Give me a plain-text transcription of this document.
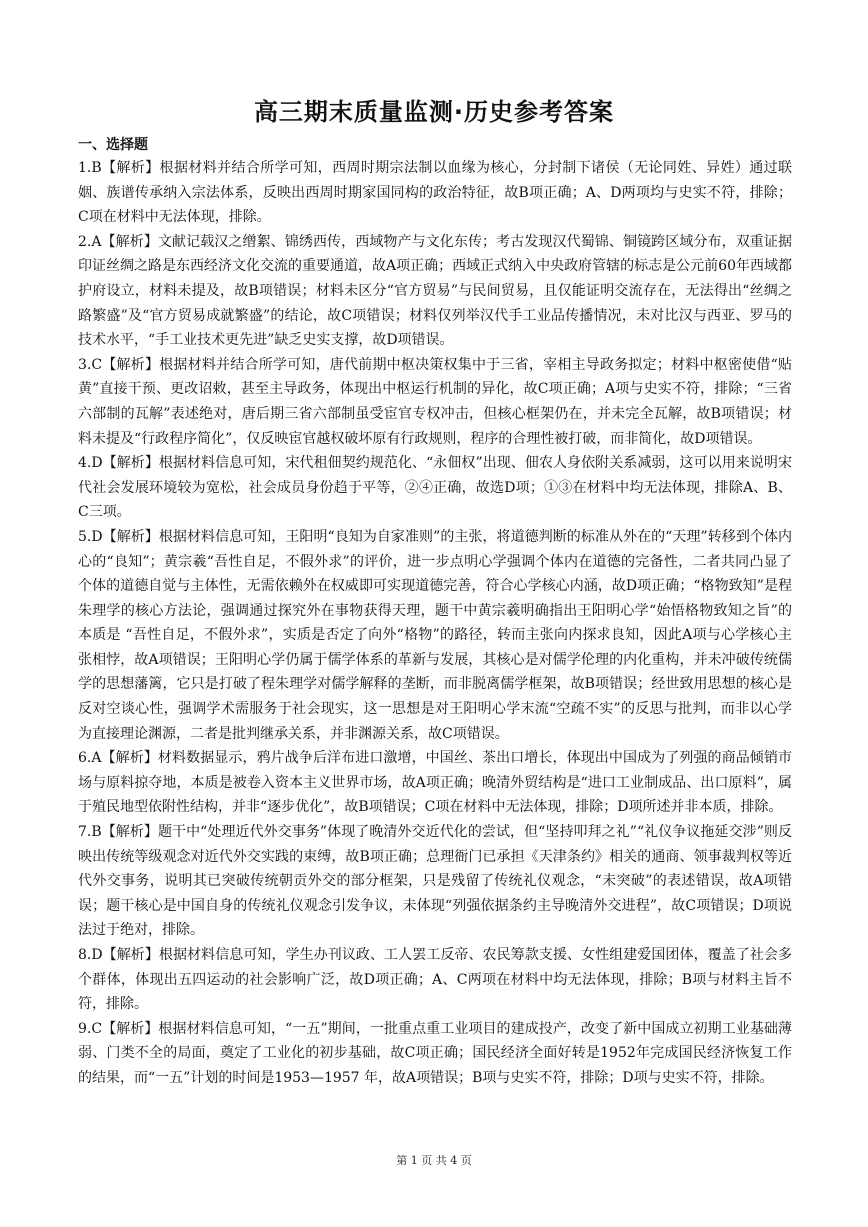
高三期末质量监测·历史参考答案

一、选择题

1.B【解析】根据材料并结合所学可知，西周时期宗法制以血缘为核心，分封制下诸侯（无论同姓、异姓）通过联姻、族谱传承纳入宗法体系，反映出西周时期家国同构的政治特征，故B项正确；A、D两项均与史实不符，排除；C项在材料中无法体现，排除。

2.A【解析】文献记载汉之缯絮、锦绣西传，西域物产与文化东传；考古发现汉代蜀锦、铜镜跨区域分布，双重证据印证丝绸之路是东西经济文化交流的重要通道，故A项正确；西域正式纳入中央政府管辖的标志是公元前60年西域都护府设立，材料未提及，故B项错误；材料未区分“官方贸易”与民间贸易，且仅能证明交流存在，无法得出“丝绸之路繁盛”及“官方贸易成就繁盛”的结论，故C项错误；材料仅列举汉代手工业品传播情况，未对比汉与西亚、罗马的技术水平，“手工业技术更先进”缺乏史实支撑，故D项错误。

3.C【解析】根据材料并结合所学可知，唐代前期中枢决策权集中于三省，宰相主导政务拟定；材料中枢密使借“贴黄”直接干预、更改诏敕，甚至主导政务，体现出中枢运行机制的异化，故C项正确；A项与史实不符，排除；“三省六部制的瓦解”表述绝对，唐后期三省六部制虽受宦官专权冲击，但核心框架仍在，并未完全瓦解，故B项错误；材料未提及“行政程序简化”，仅反映宦官越权破坏原有行政规则，程序的合理性被打破，而非简化，故D项错误。

4.D【解析】根据材料信息可知，宋代租佃契约规范化、“永佃权”出现、佃农人身依附关系减弱，这可以用来说明宋代社会发展环境较为宽松，社会成员身份趋于平等，②④正确，故选D项；①③在材料中均无法体现，排除A、B、C三项。

5.D【解析】根据材料信息可知，王阳明“良知为自家准则”的主张，将道德判断的标准从外在的“天理”转移到个体内心的“良知”；黄宗羲“吾性自足，不假外求”的评价，进一步点明心学强调个体内在道德的完备性，二者共同凸显了个体的道德自觉与主体性，无需依赖外在权威即可实现道德完善，符合心学核心内涵，故D项正确；“格物致知”是程朱理学的核心方法论，强调通过探究外在事物获得天理，题干中黄宗羲明确指出王阳明心学“始悟格物致知之旨”的本质是 “吾性自足，不假外求”，实质是否定了向外“格物”的路径，转而主张向内探求良知，因此A项与心学核心主张相悖，故A项错误；王阳明心学仍属于儒学体系的革新与发展，其核心是对儒学伦理的内化重构，并未冲破传统儒学的思想藩篱，它只是打破了程朱理学对儒学解释的垄断，而非脱离儒学框架，故B项错误；经世致用思想的核心是反对空谈心性，强调学术需服务于社会现实，这一思想是对王阳明心学末流“空疏不实”的反思与批判，而非以心学为直接理论渊源，二者是批判继承关系，并非渊源关系，故C项错误。

6.A【解析】材料数据显示，鸦片战争后洋布进口激增，中国丝、茶出口增长，体现出中国成为了列强的商品倾销市场与原料掠夺地，本质是被卷入资本主义世界市场，故A项正确；晚清外贸结构是“进口工业制成品、出口原料”，属于殖民地型依附性结构，并非“逐步优化”，故B项错误；C项在材料中无法体现，排除；D项所述并非本质，排除。

7.B【解析】题干中“处理近代外交事务”体现了晚清外交近代化的尝试，但“坚持叩拜之礼”“礼仪争议拖延交涉”则反映出传统等级观念对近代外交实践的束缚，故B项正确；总理衙门已承担《天津条约》相关的通商、领事裁判权等近代外交事务，说明其已突破传统朝贡外交的部分框架，只是残留了传统礼仪观念，“未突破”的表述错误，故A项错误；题干核心是中国自身的传统礼仪观念引发争议，未体现“列强依据条约主导晚清外交进程”，故C项错误；D项说法过于绝对，排除。

8.D【解析】根据材料信息可知，学生办刊议政、工人罢工反帝、农民筹款支援、女性组建爱国团体，覆盖了社会多个群体，体现出五四运动的社会影响广泛，故D项正确；A、C两项在材料中均无法体现，排除；B项与材料主旨不符，排除。

9.C【解析】根据材料信息可知，“一五”期间，一批重点重工业项目的建成投产，改变了新中国成立初期工业基础薄弱、门类不全的局面，奠定了工业化的初步基础，故C项正确；国民经济全面好转是1952年完成国民经济恢复工作的结果，而“一五”计划的时间是1953—1957 年，故A项错误；B项与史实不符，排除；D项与史实不符，排除。

第 1 页 共 4 页
